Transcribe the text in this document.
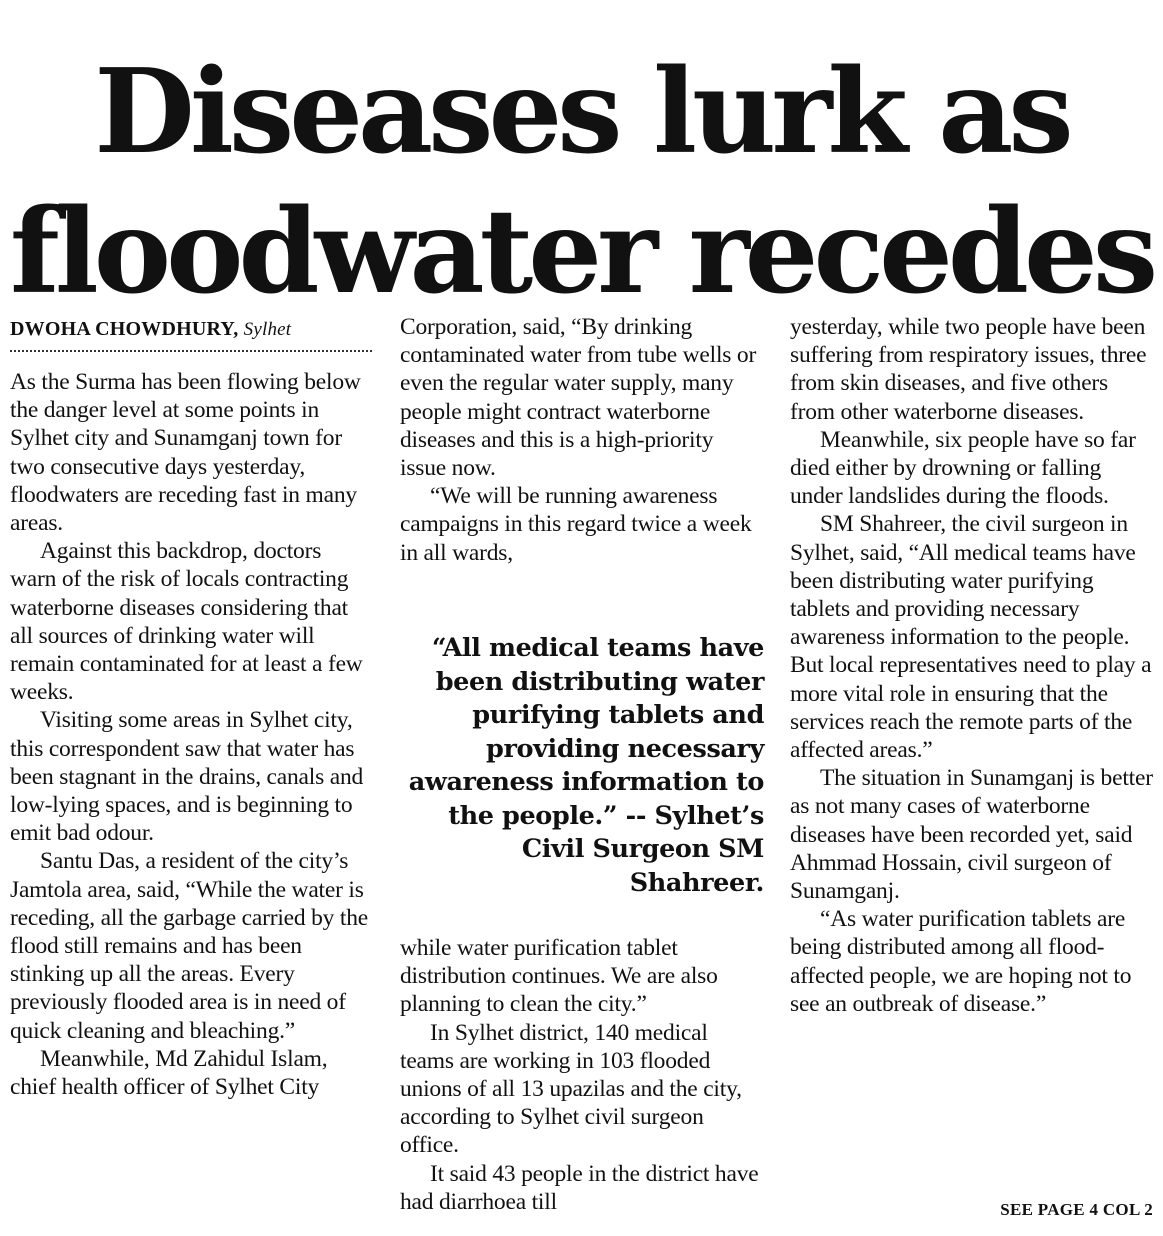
Diseases lurk as
floodwater recedes
DWOHA CHOWDHURY, Sylhet

As the Surma has been flowing below the danger level at some points in Sylhet city and Sunamganj town for two consecutive days yesterday, floodwaters are receding fast in many areas.

Against this backdrop, doctors warn of the risk of locals contracting waterborne diseases considering that all sources of drinking water will remain contaminated for at least a few weeks.

Visiting some areas in Sylhet city, this correspondent saw that water has been stagnant in the drains, canals and low-lying spaces, and is beginning to emit bad odour.

Santu Das, a resident of the city’s Jamtola area, said, “While the water is receding, all the garbage carried by the flood still remains and has been stinking up all the areas. Every previously flooded area is in need of quick cleaning and bleaching.”

Meanwhile, Md Zahidul Islam, chief health officer of Sylhet City

Corporation, said, “By drinking contaminated water from tube wells or even the regular water supply, many people might contract waterborne diseases and this is a high-priority issue now.

“We will be running awareness campaigns in this regard twice a week in all wards,

“All medical teams have been distributing water purifying tablets and providing necessary awareness information to the people.” -- Sylhet’s Civil Surgeon SM Shahreer.

while water purification tablet distribution continues. We are also planning to clean the city.”

In Sylhet district, 140 medical teams are working in 103 flooded unions of all 13 upazilas and the city, according to Sylhet civil surgeon office.

It said 43 people in the district have had diarrhoea till

yesterday, while two people have been suffering from respiratory issues, three from skin diseases, and five others from other waterborne diseases.

Meanwhile, six people have so far died either by drowning or falling under landslides during the floods.

SM Shahreer, the civil surgeon in Sylhet, said, “All medical teams have been distributing water purifying tablets and providing necessary awareness information to the people. But local representatives need to play a more vital role in ensuring that the services reach the remote parts of the affected areas.”

The situation in Sunamganj is better as not many cases of waterborne diseases have been recorded yet, said Ahmmad Hossain, civil surgeon of Sunamganj.

“As water purification tablets are being distributed among all flood-affected people, we are hoping not to see an outbreak of disease.”

SEE PAGE 4 COL 2
